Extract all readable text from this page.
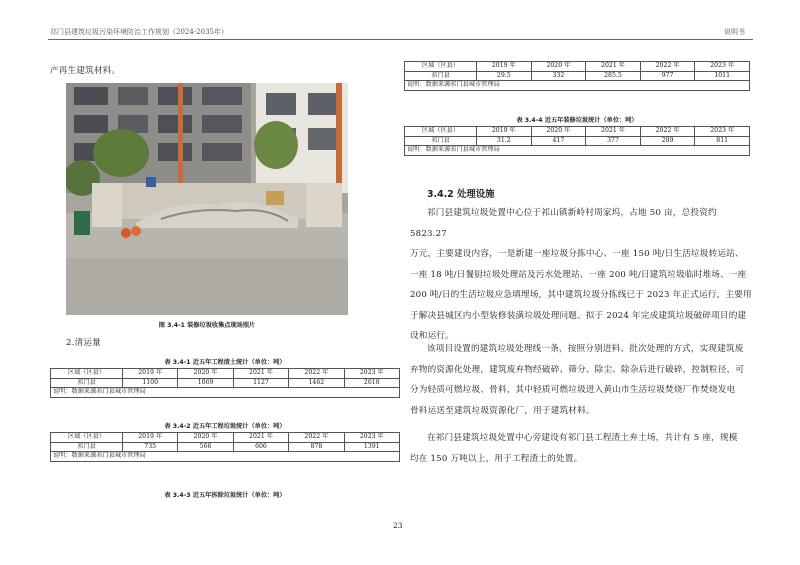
祁门县建筑垃圾污染环境防治工作规划（2024-2035年）	说明书
产再生建筑材料。
图 3.4-1 装修垃圾收集点现场照片
2.清运量
表 3.4-1 近五年工程渣土统计（单位：吨）
区域（区县）	2019 年	2020 年	2021 年	2022 年	2023 年
祁门县	1100	1069	1127	1462	2618
说明：数据来源祁门县城市管理局					
表 3.4-2 近五年工程垃圾统计（单位：吨）
区域（区县）	2019 年	2020 年	2021 年	2022 年	2023 年
祁门县	735	566	606	878	1391
说明：数据来源祁门县城市管理局					
表 3.4-3 近五年拆除垃圾统计（单位：吨）
区域（区县）	2019 年	2020 年	2021 年	2022 年	2023 年
祁门县	29.5	332	285.5	977	1011
说明：数据来源祁门县城市管理局					
表 3.4-4 近五年装修垃圾统计（单位：吨）
区域（区县）	2019 年	2020 年	2021 年	2022 年	2023 年
祁门县	31.2	417	377	289	811
说明：数据来源祁门县城市管理局					
3.4.2 处理设施
祁门县建筑垃圾处置中心位于祁山镇新岭村周家坞，占地 50 亩，总投资约 5823.27
万元，主要建设内容，一是新建一座垃圾分拣中心、一座 150 吨/日生活垃圾转运站、
一座 18 吨/日餐厨垃圾处理站及污水处理站、一座 200 吨/日建筑垃圾临时堆场、一座
200 吨/日的生活垃圾应急填埋场，其中建筑垃圾分拣线已于 2023 年正式运行，主要用
于解决县城区内小型装修装潢垃圾处理问题。拟于 2024 年完成建筑垃圾破碎项目的建
设和运行。
该项目设置的建筑垃圾处理线一条，按照分别进料、批次处理的方式，实现建筑废
弃物的资源化处理，建筑废弃物经破碎、筛分、除尘、除杂后进行破碎，控制粒径，可
分为轻质可燃垃圾、骨料，其中轻质可燃垃圾进入黄山市生活垃圾焚烧厂作焚烧发电
骨料运送至建筑垃圾资源化厂，用于建筑材料。
在祁门县建筑垃圾处置中心旁建设有祁门县工程渣土弃土场，共计有 5 座，规模
均在 150 万吨以上，用于工程渣土的处置。
23
